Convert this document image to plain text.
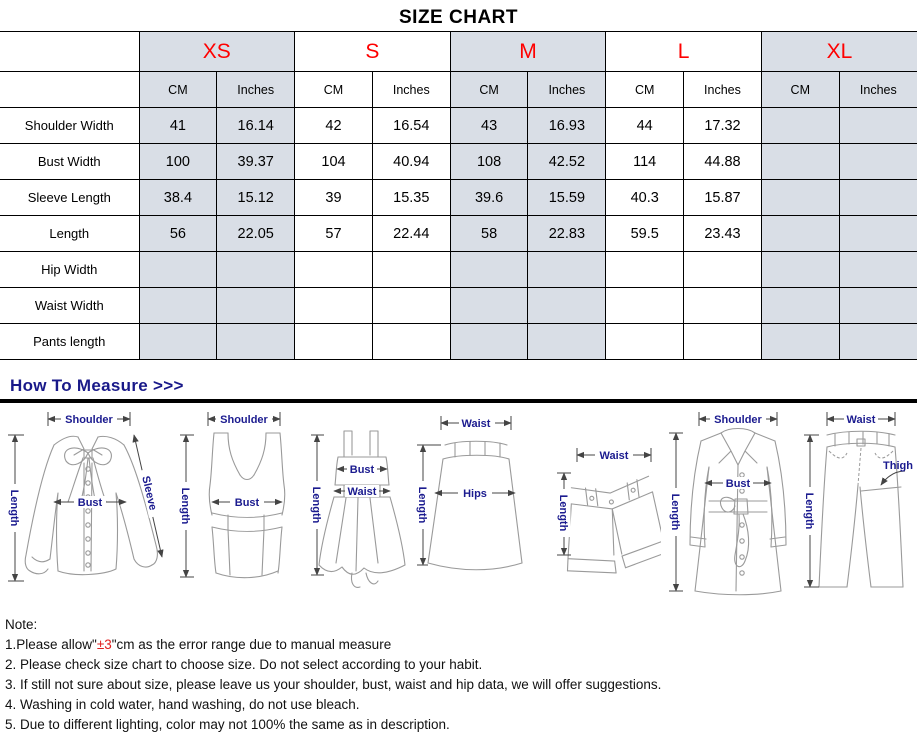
SIZE CHART
	XS		S		M		L		XL	
	CM	Inches	CM	Inches	CM	Inches	CM	Inches	CM	Inches
Shoulder Width	41	16.14	42	16.54	43	16.93	44	17.32		
Bust Width	100	39.37	104	40.94	108	42.52	114	44.88		
Sleeve Length	38.4	15.12	39	15.35	39.6	15.59	40.3	15.87		
Length	56	22.05	57	22.44	58	22.83	59.5	23.43		
Hip Width										
Waist Width										
Pants length										
How To Measure >>>
Shoulder
Length	Bust	Sleeve
Shoulder
Length	Bust	Length
Bust
Waist
Waist
Length	Hips
Waist
Length
Shoulder
Length
Bust
Waist
Length
Thigh
Note:
1.Please allow"±3"cm as the error range due to manual measure
2. Please check size chart to choose size. Do not select according to your habit.
3. If still not sure about size, please leave us your shoulder, bust, waist and hip data, we will offer suggestions.
4. Washing in cold water, hand washing, do not use bleach.
5. Due to different lighting, color may not 100% the same as in description.
